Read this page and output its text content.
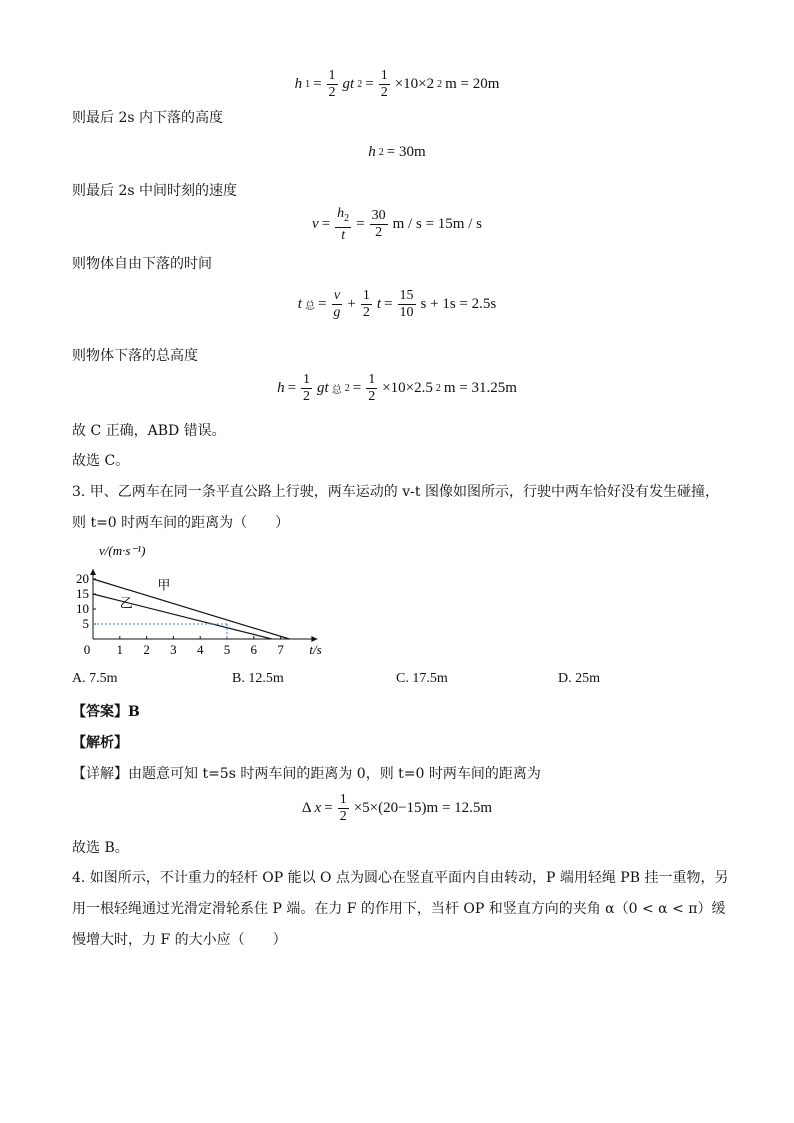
h $1 = \frac{1}{2}$ gt $2 = \frac{1}{2} \times 10\times 2$ 2 m = 20m
则最后 2s 内下落的高度
h 2 = 30m
则最后 2s 中间时刻的速度
$v = \frac{h_2}{t} = \frac{30}{2}$ m / s = 15m / s
则物体自由下落的时间
t 总 = $\frac{v}{g} + \frac{1}{2}$ $t = \frac{15}{10}$ s + 1s = 2.5s
则物体下落的总高度
$h = \frac{1}{2}$ gt 总 $2 = \frac{1}{2} \times 10\times 2.5$ 2 m = 31.25m
故 C 正确，ABD 错误。
故选 C。
3. 甲、乙两车在同一条平直公路上行驶，两车运动的 v-t 图像如图所示，行驶中两车恰好没有发生碰撞，
则 t=0 时两车间的距离为（　　）
0 1 2 3 4 5 6 7
5
10
15
20
v/(m·s⁻¹)
t/s
甲
乙
A. 7.5m	B. 12.5m	C. 17.5m	D. 25m
【答案】B
【解析】
【详解】由题意可知 t=5s 时两车间的距离为 0，则 t=0 时两车间的距离为
Δ $x = \frac{1}{2} \times 5\times(20-15)m = 12.5m$
故选 B。
4. 如图所示，不计重力的轻杆 OP 能以 O 点为圆心在竖直平面内自由转动，P 端用轻绳 PB 挂一重物，另
用一根轻绳通过光滑定滑轮系住 P 端。在力 F 的作用下，当杆 OP 和竖直方向的夹角 α（0 < α < π）缓
慢增大时，力 F 的大小应（　　）
